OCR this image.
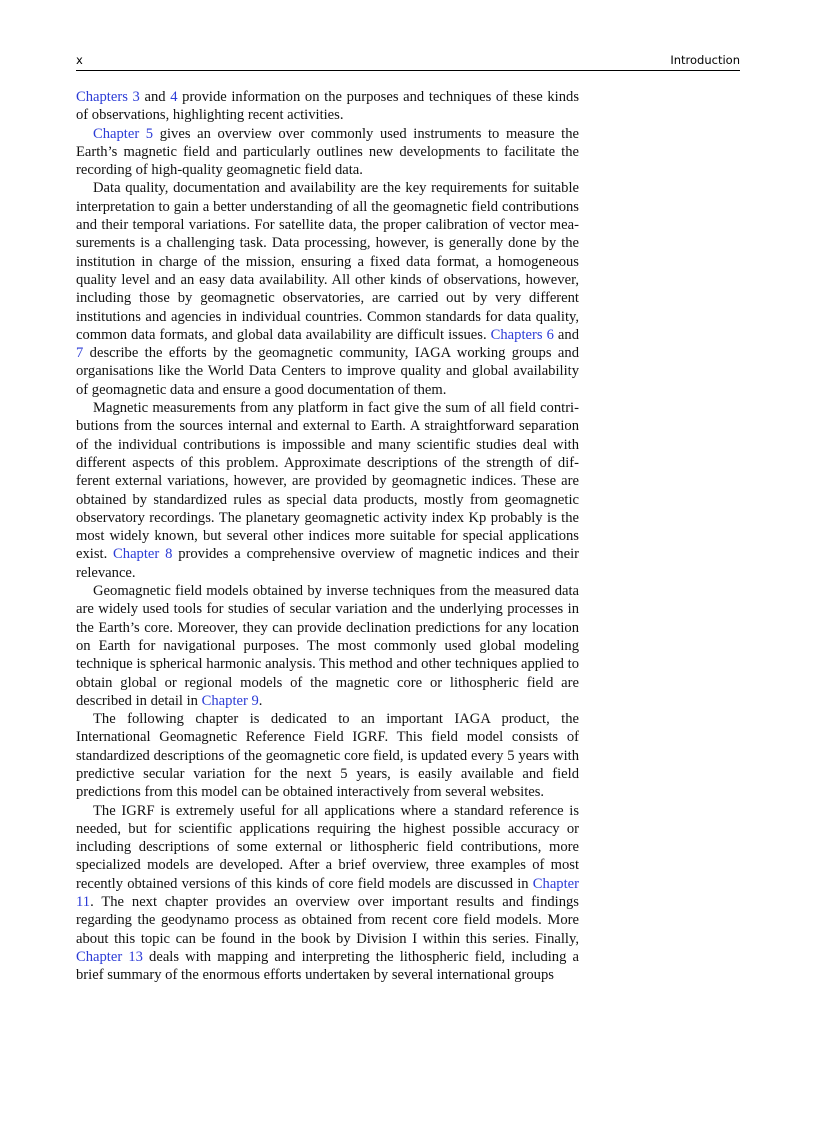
x	Introduction

Chapters 3 and 4 provide information on the purposes and techniques of these kinds of observations, highlighting recent activities.

Chapter 5 gives an overview over commonly used instruments to measure the Earth’s magnetic field and particularly outlines new developments to facilitate the recording of high-quality geomagnetic field data.

Data quality, documentation and availability are the key requirements for suitable interpretation to gain a better understanding of all the geomagnetic field contributions and their temporal variations. For satellite data, the proper calibration of vector measurements is a challenging task. Data processing, however, is generally done by the institution in charge of the mission, ensuring a fixed data format, a homogeneous quality level and an easy data availability. All other kinds of observations, however, including those by geomagnetic observatories, are carried out by very different institutions and agencies in individual countries. Common standards for data quality, common data formats, and global data availability are difficult issues. Chapters 6 and 7 describe the efforts by the geomagnetic community, IAGA working groups and organisations like the World Data Centers to improve quality and global availability of geomagnetic data and ensure a good documentation of them.

Magnetic measurements from any platform in fact give the sum of all field contributions from the sources internal and external to Earth. A straightforward separation of the individual contributions is impossible and many scientific studies deal with different aspects of this problem. Approximate descriptions of the strength of different external variations, however, are provided by geomagnetic indices. These are obtained by standardized rules as special data products, mostly from geomagnetic observatory recordings. The planetary geomagnetic activity index Kp probably is the most widely known, but several other indices more suitable for special applications exist. Chapter 8 provides a comprehensive overview of magnetic indices and their relevance.

Geomagnetic field models obtained by inverse techniques from the measured data are widely used tools for studies of secular variation and the underlying processes in the Earth’s core. Moreover, they can provide declination predictions for any location on Earth for navigational purposes. The most commonly used global modeling technique is spherical harmonic analysis. This method and other techniques applied to obtain global or regional models of the magnetic core or lithospheric field are described in detail in Chapter 9.

The following chapter is dedicated to an important IAGA product, the International Geomagnetic Reference Field IGRF. This field model consists of standardized descriptions of the geomagnetic core field, is updated every 5 years with predictive secular variation for the next 5 years, is easily available and field predictions from this model can be obtained interactively from several websites.

The IGRF is extremely useful for all applications where a standard reference is needed, but for scientific applications requiring the highest possible accuracy or including descriptions of some external or lithospheric field contributions, more specialized models are developed. After a brief overview, three examples of most recently obtained versions of this kinds of core field models are discussed in Chapter 11. The next chapter provides an overview over important results and findings regarding the geodynamo process as obtained from recent core field models. More about this topic can be found in the book by Division I within this series. Finally, Chapter 13 deals with mapping and interpreting the lithospheric field, including a brief summary of the enormous efforts undertaken by several international groups
